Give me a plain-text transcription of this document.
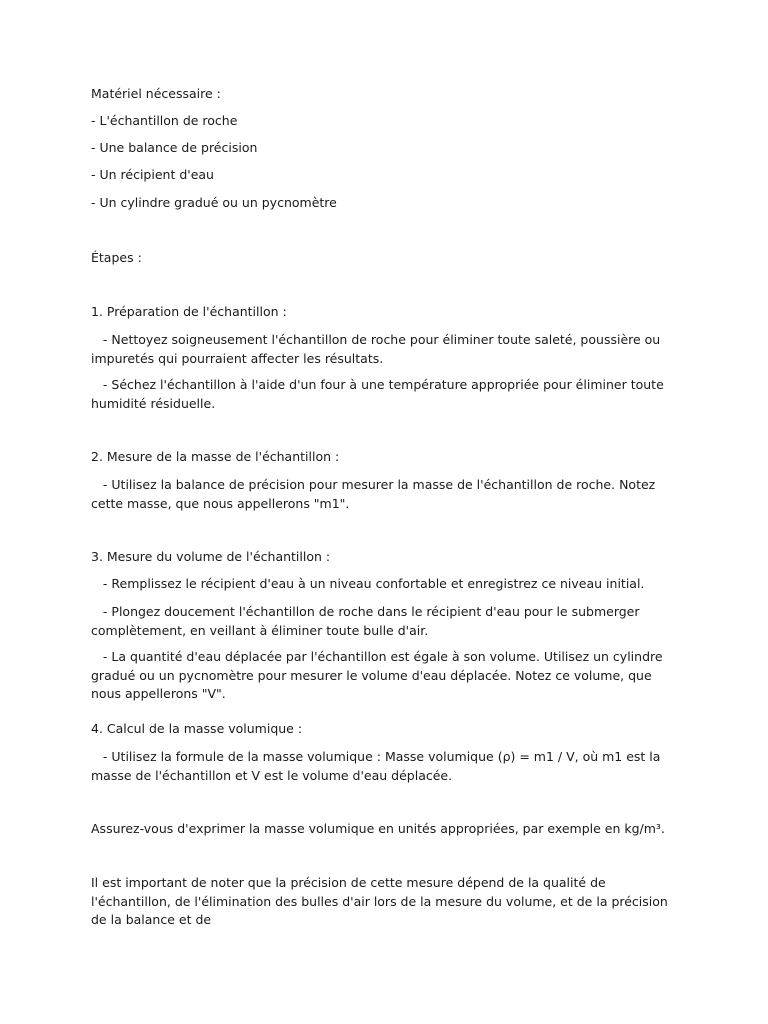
Matériel nécessaire :
- L'échantillon de roche
- Une balance de précision
- Un récipient d'eau
- Un cylindre gradué ou un pycnomètre
Étapes :
1. Préparation de l'échantillon :
- Nettoyez soigneusement l'échantillon de roche pour éliminer toute saleté, poussière ou impuretés qui pourraient affecter les résultats.
- Séchez l'échantillon à l'aide d'un four à une température appropriée pour éliminer toute humidité résiduelle.
2. Mesure de la masse de l'échantillon :
- Utilisez la balance de précision pour mesurer la masse de l'échantillon de roche. Notez cette masse, que nous appellerons "m1".
3. Mesure du volume de l'échantillon :
- Remplissez le récipient d'eau à un niveau confortable et enregistrez ce niveau initial.
- Plongez doucement l'échantillon de roche dans le récipient d'eau pour le submerger complètement, en veillant à éliminer toute bulle d'air.
- La quantité d'eau déplacée par l'échantillon est égale à son volume. Utilisez un cylindre gradué ou un pycnomètre pour mesurer le volume d'eau déplacée. Notez ce volume, que nous appellerons "V".
4. Calcul de la masse volumique :
- Utilisez la formule de la masse volumique : Masse volumique (ρ) = m1 / V, où m1 est la masse de l'échantillon et V est le volume d'eau déplacée.
Assurez-vous d'exprimer la masse volumique en unités appropriées, par exemple en kg/m³.
Il est important de noter que la précision de cette mesure dépend de la qualité de l'échantillon, de l'élimination des bulles d'air lors de la mesure du volume, et de la précision de la balance et de
